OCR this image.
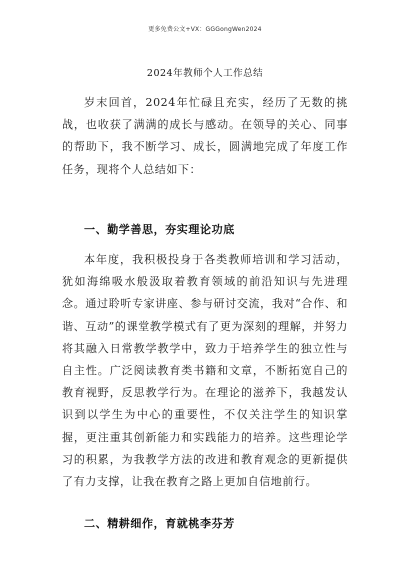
更多免费公文+VX：GGGongWen2024
2024年教师个人工作总结

岁末回首，2024年忙碌且充实，经历了无数的挑战，也收获了满满的成长与感动。在领导的关心、同事的帮助下，我不断学习、成长，圆满地完成了年度工作任务，现将个人总结如下：

一、勤学善思，夯实理论功底

本年度，我积极投身于各类教师培训和学习活动，犹如海绵吸水般汲取着教育领域的前沿知识与先进理念。通过聆听专家讲座、参与研讨交流，我对“合作、和谐、互动”的课堂教学模式有了更为深刻的理解，并努力将其融入日常教学教学中，致力于培养学生的独立性与自主性。广泛阅读教育类书籍和文章，不断拓宽自己的教育视野，反思教学行为。在理论的滋养下，我越发认识到以学生为中心的重要性，不仅关注学生的知识掌握，更注重其创新能力和实践能力的培养。这些理论学习的积累，为我教学方法的改进和教育观念的更新提供了有力支撑，让我在教育之路上更加自信地前行。

二、精耕细作，育就桃李芬芳
